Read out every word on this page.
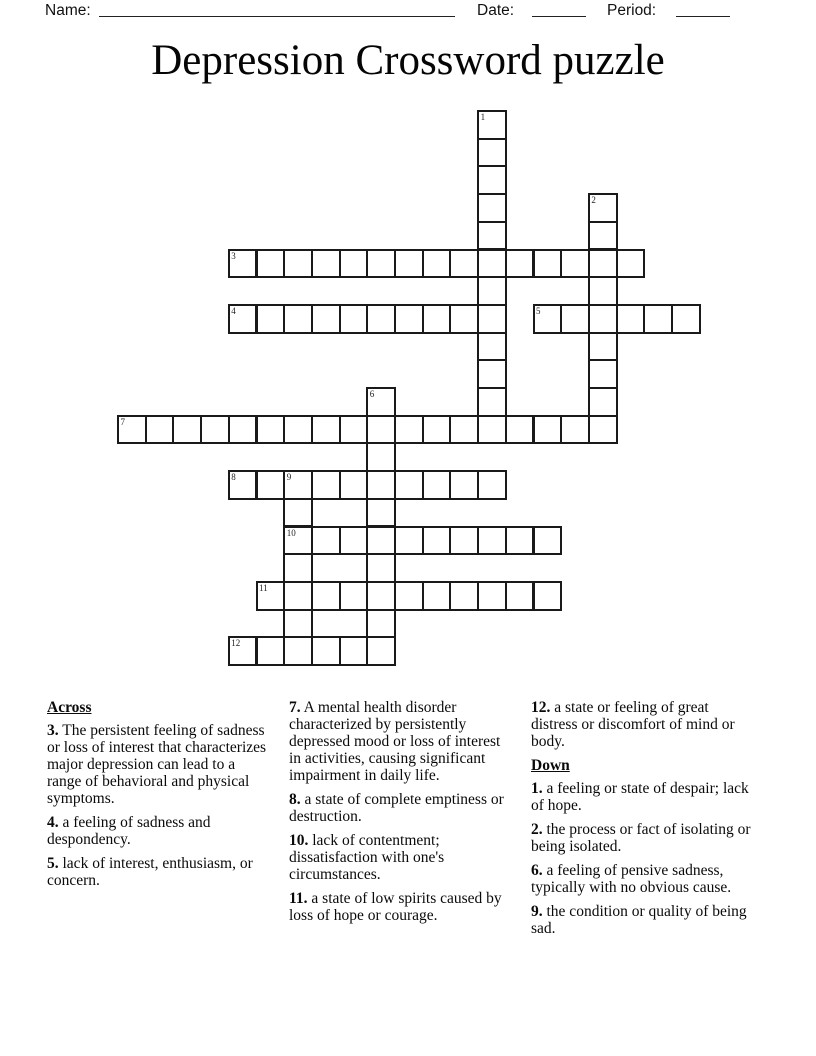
Name:	Date:	Period:
Depression Crossword puzzle
1
2
3
4	5
6
7
8	9
10
11
12
Across

3. The persistent feeling of sadness or loss of interest that characterizes major depression can lead to a range of behavioral and physical symptoms.

4. a feeling of sadness and despondency.

5. lack of interest, enthusiasm, or concern.

7. A mental health disorder characterized by persistently depressed mood or loss of interest in activities, causing significant impairment in daily life.

8. a state of complete emptiness or destruction.

10. lack of contentment; dissatisfaction with one's circumstances.

11. a state of low spirits caused by loss of hope or courage.

12. a state or feeling of great distress or discomfort of mind or body.

Down

1. a feeling or state of despair; lack of hope.

2. the process or fact of isolating or being isolated.

6. a feeling of pensive sadness, typically with no obvious cause.

9. the condition or quality of being sad.
